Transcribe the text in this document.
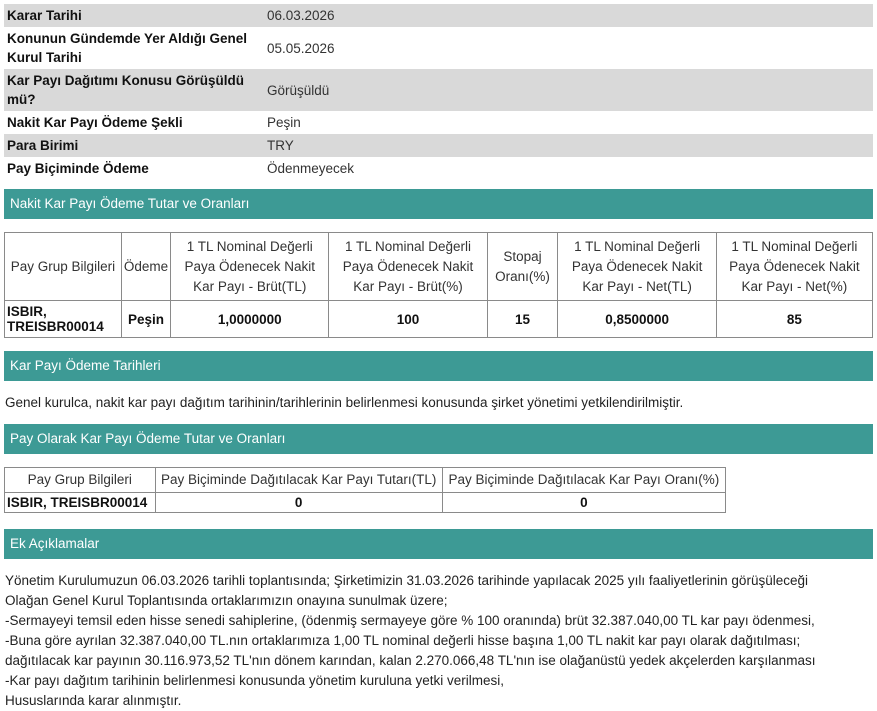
Karar Tarihi	06.03.2026
Konunun Gündemde Yer Aldığı Genel Kurul Tarihi	05.05.2026
Kar Payı Dağıtımı Konusu Görüşüldü mü?	Görüşüldü
Nakit Kar Payı Ödeme Şekli	Peşin
Para Birimi	TRY
Pay Biçiminde Ödeme	Ödenmeyecek
Nakit Kar Payı Ödeme Tutar ve Oranları
Pay Grup Bilgileri	Ödeme	1 TL Nominal Değerli Paya Ödenecek Nakit Kar Payı - Brüt(TL)	1 TL Nominal Değerli Paya Ödenecek Nakit Kar Payı - Brüt(%)	Stopaj Oranı(%)	1 TL Nominal Değerli Paya Ödenecek Nakit Kar Payı - Net(TL)	1 TL Nominal Değerli Paya Ödenecek Nakit Kar Payı - Net(%)
ISBIR, TREISBR00014	Peşin	1,0000000	100	15	0,8500000	85
Kar Payı Ödeme Tarihleri
Genel kurulca, nakit kar payı dağıtım tarihinin/tarihlerinin belirlenmesi konusunda şirket yönetimi yetkilendirilmiştir.
Pay Olarak Kar Payı Ödeme Tutar ve Oranları
Pay Grup Bilgileri	Pay Biçiminde Dağıtılacak Kar Payı Tutarı(TL)	Pay Biçiminde Dağıtılacak Kar Payı Oranı(%)
ISBIR, TREISBR00014	0	0
Ek Açıklamalar
Yönetim Kurulumuzun 06.03.2026 tarihli toplantısında; Şirketimizin 31.03.2026 tarihinde yapılacak 2025 yılı faaliyetlerinin görüşüleceği
Olağan Genel Kurul Toplantısında ortaklarımızın onayına sunulmak üzere;
-Sermayeyi temsil eden hisse senedi sahiplerine, (ödenmiş sermayeye göre % 100 oranında) brüt 32.387.040,00 TL kar payı ödenmesi,
-Buna göre ayrılan 32.387.040,00 TL.nın ortaklarımıza 1,00 TL nominal değerli hisse başına 1,00 TL nakit kar payı olarak dağıtılması;
dağıtılacak kar payının 30.116.973,52 TL'nın dönem karından, kalan 2.270.066,48 TL'nın ise olağanüstü yedek akçelerden karşılanması
-Kar payı dağıtım tarihinin belirlenmesi konusunda yönetim kuruluna yetki verilmesi,
Hususlarında karar alınmıştır.
